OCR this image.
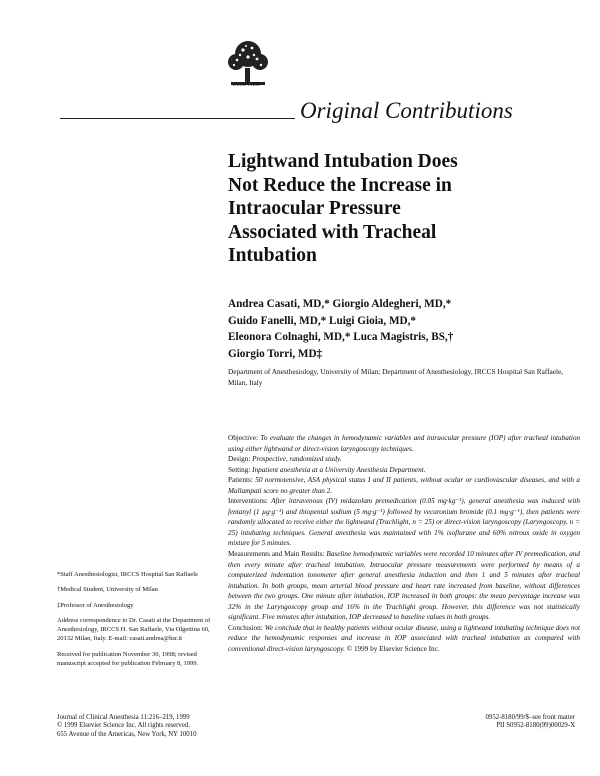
ELSEVIER
Original Contributions
Lightwand Intubation Does
Not Reduce the Increase in
Intraocular Pressure
Associated with Tracheal
Intubation
Andrea Casati, MD,* Giorgio Aldegheri, MD,*
Guido Fanelli, MD,* Luigi Gioia, MD,*
Eleonora Colnaghi, MD,* Luca Magistris, BS,†
Giorgio Torri, MD‡
Department of Anesthesiology, University of Milan; Department of Anesthesiology, IRCCS Hospital San Raffaele, Milan, Italy

Objective: To evaluate the changes in hemodynamic variables and intraocular pressure (IOP) after tracheal intubation using either lightwand or direct-vision laryngoscopy techniques.

Design: Prospective, randomized study.

Setting: Inpatient anesthesia at a University Anesthesia Department.

Patients: 50 normotensive, ASA physical status I and II patients, without ocular or cardiovascular diseases, and with a Mallampati score no greater than 2.

Interventions: After intravenous (IV) midazolam premedication (0.05 mg·kg⁻¹), general anesthesia was induced with fentanyl (1 µg·g⁻¹) and thiopental sodium (5 mg·g⁻¹) followed by vecuronium bromide (0.1 mg·g⁻¹), then patients were randomly allocated to receive either the lightwand (Trachlight, n = 25) or direct-vision laryngoscopy (Laryngoscopy, n = 25) intubating techniques. General anesthesia was maintained with 1% isoflurane and 60% nitrous oxide in oxygen mixture for 5 minutes.

Measurements and Main Results: Baseline hemodynamic variables were recorded 10 minutes after IV premedication, and then every minute after tracheal intubation. Intraocular pressure measurements were performed by means of a computerized indentation tonometer after general anesthesia induction and then 1 and 5 minutes after tracheal intubation. In both groups, mean arterial blood pressure and heart rate increased from baseline, without differences between the two groups. One minute after intubation, IOP increased in both groups: the mean percentage increase was 32% in the Laryngoscopy group and 16% in the Trachlight group. However, this difference was not statistically significant. Five minutes after intubation, IOP decreased to baseline values in both groups.

Conclusion: We conclude that in healthy patients without ocular disease, using a lightwand intubating technique does not reduce the hemodynamic responses and increase in IOP associated with tracheal intubation as compared with conventional direct-vision laryngoscopy. © 1999 by Elsevier Science Inc.

*Staff Anesthesiologist, IRCCS Hospital San Raffaele

†Medical Student, University of Milan

‡Professor of Anesthesiology

Address correspondence to Dr. Casati at the Department of Anesthesiology, IRCCS H. San Raffaele, Via Olgettina 60, 20132 Milan, Italy. E-mail: casati.andrea@hsr.it

Received for publication November 30, 1998; revised manuscript accepted for publication February 8, 1999.

Journal of Clinical Anesthesia 11:216–219, 1999
© 1999 Elsevier Science Inc. All rights reserved.
655 Avenue of the Americas, New York, NY 10010
0952-8180/99/$–see front matter
PII S0952-8180(99)00029-X
